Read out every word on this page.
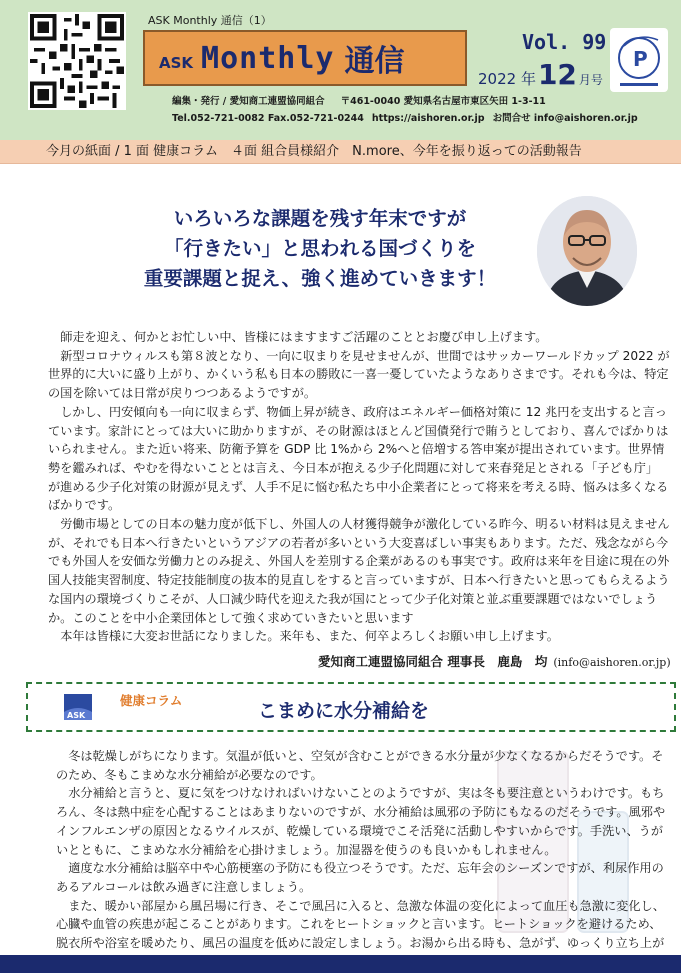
ASK Monthly 通信（1）
ASK Monthly 通信
Vol. 99
2022 年12 月号
P
編集・発行 / 愛知商工連盟協同組合 〒461-0040 愛知県名古屋市東区矢田 1-3-11
Tel.052-721-0082 Fax.052-721-0244 https://aishoren.or.jp お問合せ info@aishoren.or.jp
今月の紙面 / 1 面 健康コラム　４面 組合員様紹介　N.more、今年を振り返っての活動報告
いろいろな課題を残す年末ですが
「行きたい」と思われる国づくりを
重要課題と捉え、強く進めていきます！

師走を迎え、何かとお忙しい中、皆様にはますますご活躍のこととお慶び申し上げます。

新型コロナウィルスも第８波となり、一向に収まりを見せませんが、世間ではサッカーワールドカップ 2022 が世界的に大いに盛り上がり、かくいう私も日本の勝敗に一喜一憂していたようなありさまです。それも今は、特定の国を除いては日常が戻りつつあるようですが。

しかし、円安傾向も一向に収まらず、物価上昇が続き、政府はエネルギー価格対策に 12 兆円を支出すると言っています。家計にとっては大いに助かりますが、その財源はほとんど国債発行で賄うとしており、喜んでばかりはいられません。また近い将来、防衛予算を GDP 比 1%から 2%へと倍増する答申案が提出されています。世界情勢を鑑みれば、やむを得ないこととは言え、今日本が抱える少子化問題に対して来春発足とされる「子ども庁」が進める少子化対策の財源が見えず、人手不足に悩む私たち中小企業者にとって将来を考える時、悩みは多くなるばかりです。

労働市場としての日本の魅力度が低下し、外国人の人材獲得競争が激化している昨今、明るい材料は見えませんが、それでも日本へ行きたいというアジアの若者が多いという大変喜ばしい事実もあります。ただ、残念ながら今でも外国人を安価な労働力とのみ捉え、外国人を差別する企業があるのも事実です。政府は来年を目途に現在の外国人技能実習制度、特定技能制度の抜本的見直しをすると言っていますが、日本へ行きたいと思ってもらえるような国内の環境づくりこそが、人口減少時代を迎えた我が国にとって少子化対策と並ぶ重要課題ではないでしょうか。このことを中小企業団体として強く求めていきたいと思います

本年は皆様に大変お世話になりました。来年も、また、何卒よろしくお願い申し上げます。

愛知商工連盟協同組合 理事長　鹿島　均 (info@aishoren.or.jp)
ASK
健康コラム	こまめに水分補給を

冬は乾燥しがちになります。気温が低いと、空気が含むことができる水分量が少なくなるからだそうです。そのため、冬もこまめな水分補給が必要なのです。

水分補給と言うと、夏に気をつけなければいけないことのようですが、実は冬も要注意というわけです。もちろん、冬は熱中症を心配することはあまりないのですが、水分補給は風邪の予防にもなるのだそうです。風邪やインフルエンザの原因となるウイルスが、乾燥している環境でこそ活発に活動しやすいからです。手洗い、うがいとともに、こまめな水分補給を心掛けましょう。加湿器を使うのも良いかもしれません。

適度な水分補給は脳卒中や心筋梗塞の予防にも役立つそうです。ただ、忘年会のシーズンですが、利尿作用のあるアルコールは飲み過ぎに注意しましょう。

また、暖かい部屋から風呂場に行き、そこで風呂に入ると、急激な体温の変化によって血圧も急激に変化し、心臓や血管の疾患が起こることがあります。これをヒートショックと言います。ヒートショックを避けるため、脱衣所や浴室を暖めたり、風呂の温度を低めに設定しましょう。お湯から出る時も、急がず、ゆっくり立ち上が
